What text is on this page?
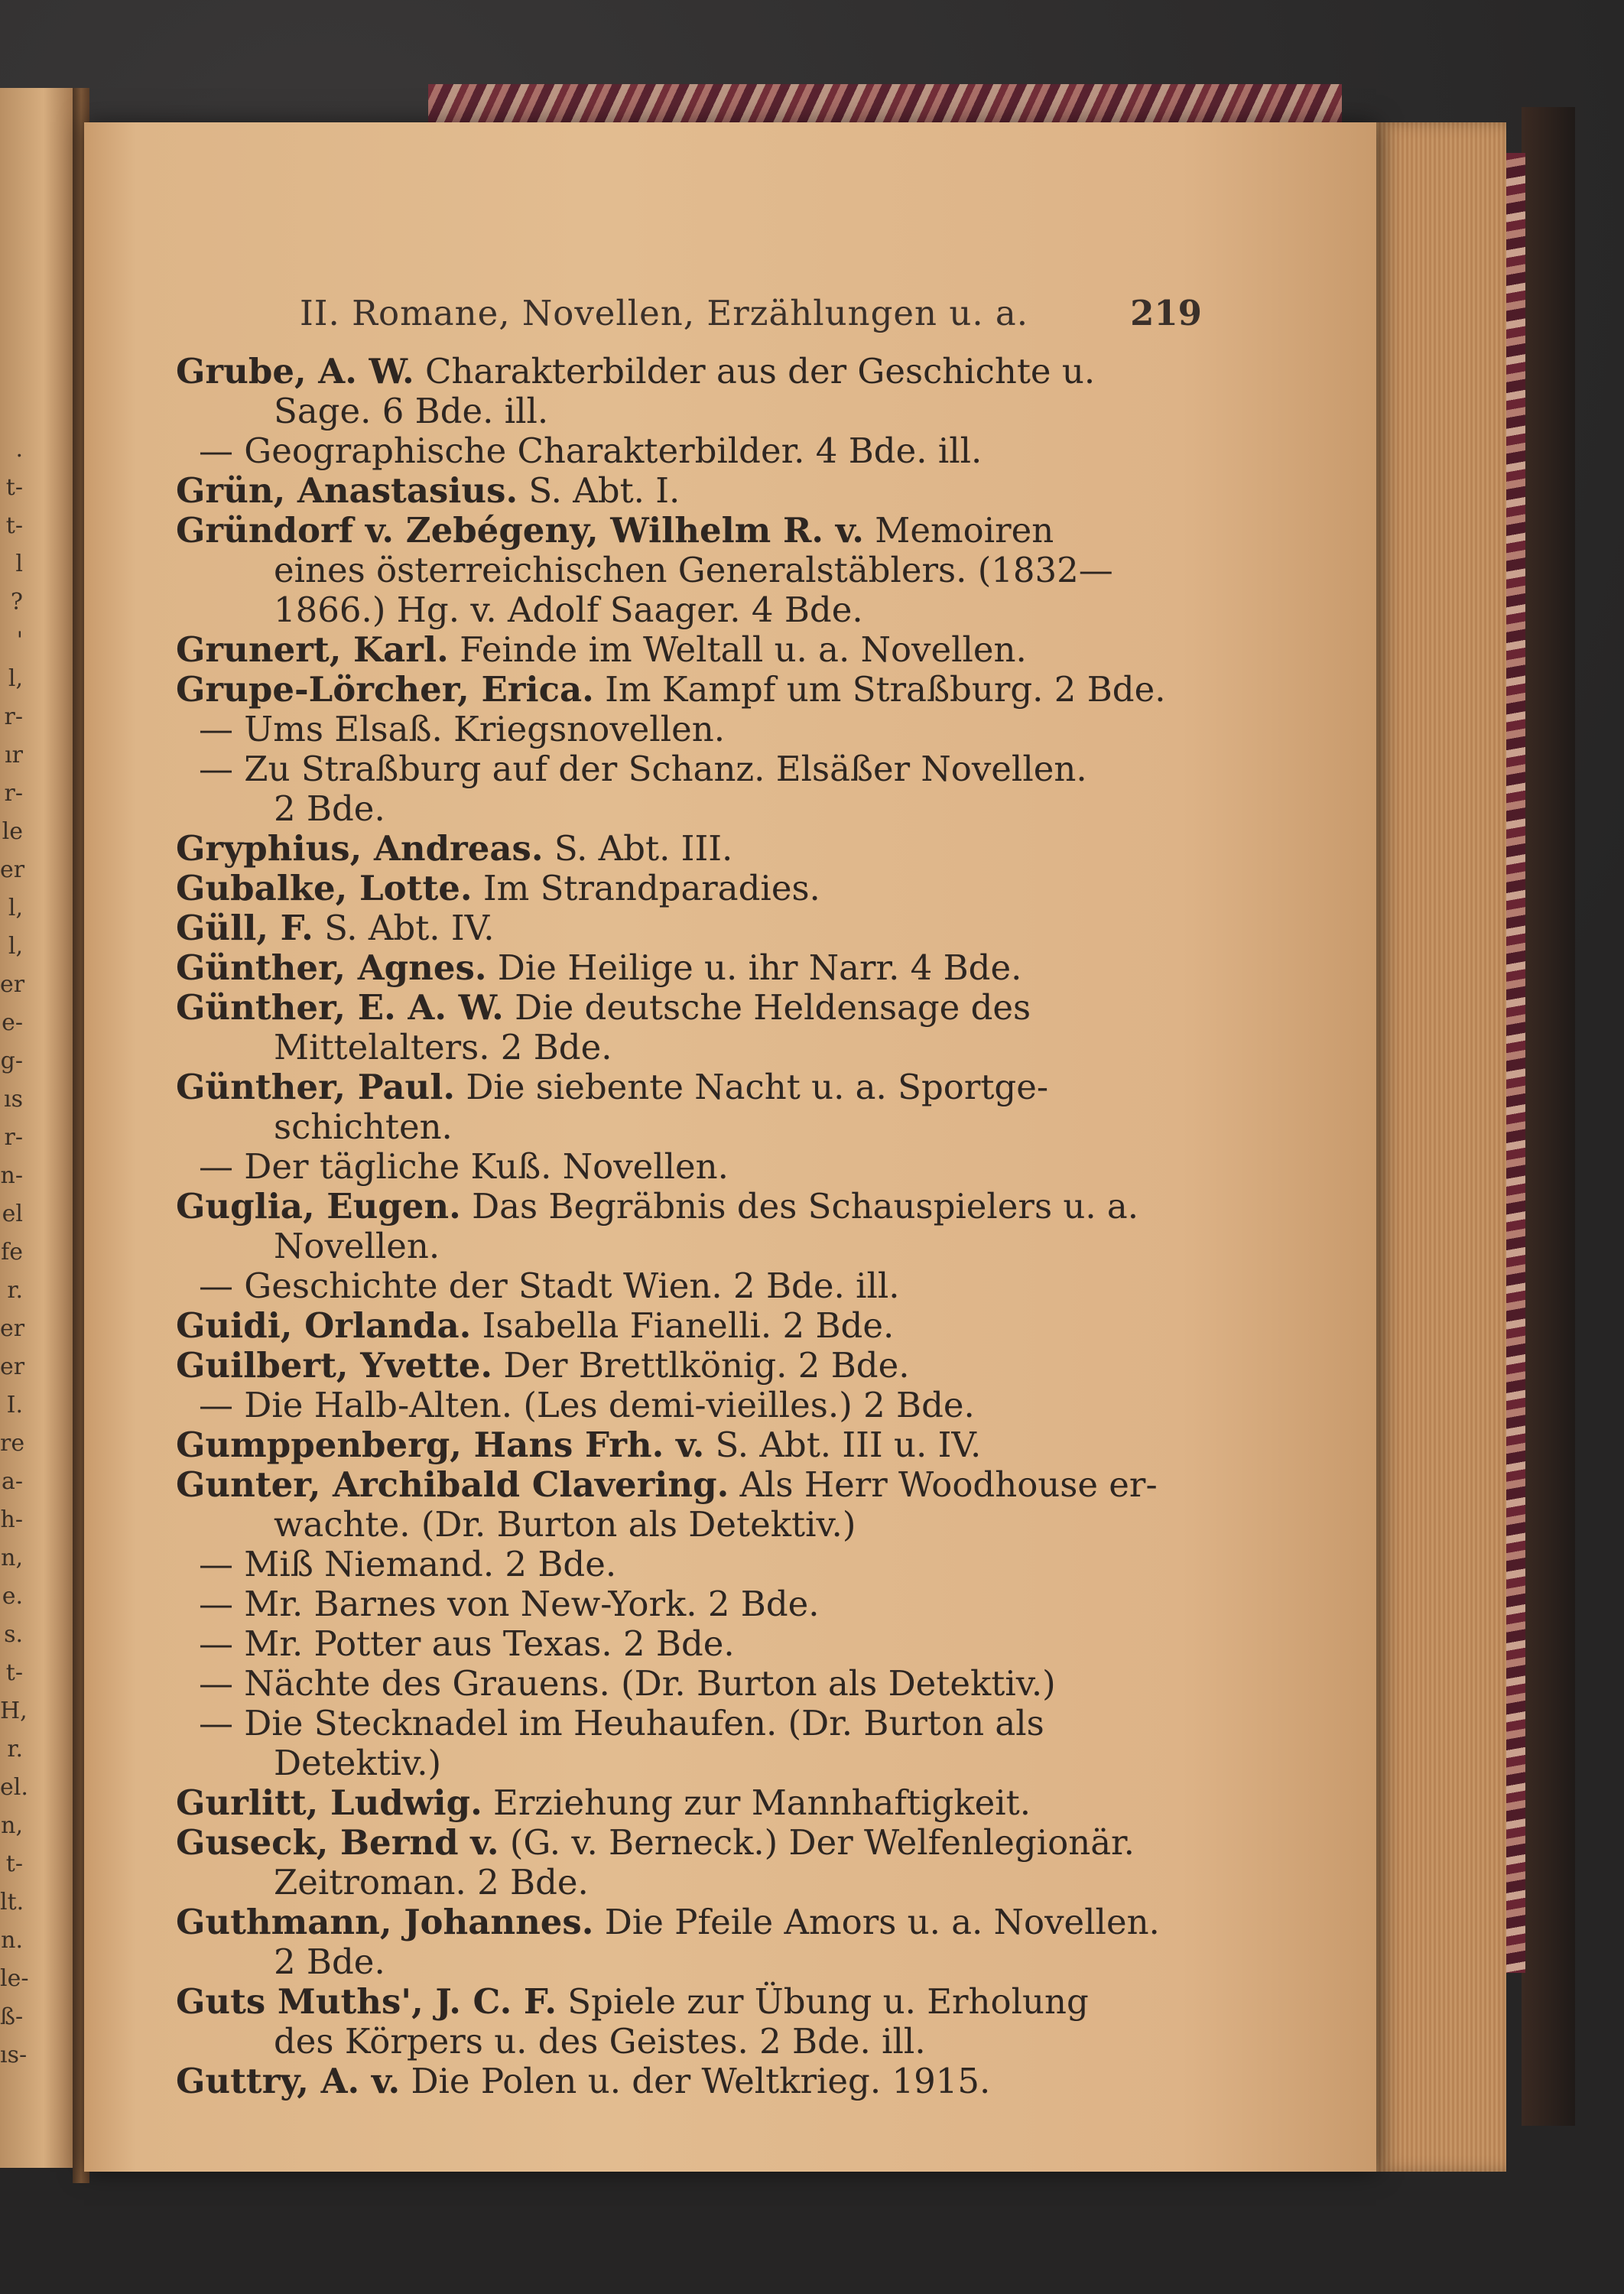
.
t-
t-
l
?
'
l,
r-
ır
r-
le
er
l,
l,
er
e-
g-
ıs
r-
n-
el
fe
r.
er
er
I.
re
a-
h-
n,
e.
s.
t-
H,
r.
el.
n,
t-
lt.
n.
le-
ß-
ıs-
II. Romane, Novellen, Erzählungen u. a.	219
Grube, A. W. Charakterbilder aus der Geschichte u.
Sage. 6 Bde. ill.
— Geographische Charakterbilder. 4 Bde. ill.
Grün, Anastasius. S. Abt. I.
Gründorf v. Zebégeny, Wilhelm R. v. Memoiren
eines österreichischen Generalstäblers. (1832—
1866.) Hg. v. Adolf Saager. 4 Bde.
Grunert, Karl. Feinde im Weltall u. a. Novellen.
Grupe-Lörcher, Erica. Im Kampf um Straßburg. 2 Bde.
— Ums Elsaß. Kriegsnovellen.
— Zu Straßburg auf der Schanz. Elsäßer Novellen.
2 Bde.
Gryphius, Andreas. S. Abt. III.
Gubalke, Lotte. Im Strandparadies.
Güll, F. S. Abt. IV.
Günther, Agnes. Die Heilige u. ihr Narr. 4 Bde.
Günther, E. A. W. Die deutsche Heldensage des
Mittelalters. 2 Bde.
Günther, Paul. Die siebente Nacht u. a. Sportge-
schichten.
— Der tägliche Kuß. Novellen.
Guglia, Eugen. Das Begräbnis des Schauspielers u. a.
Novellen.
— Geschichte der Stadt Wien. 2 Bde. ill.
Guidi, Orlanda. Isabella Fianelli. 2 Bde.
Guilbert, Yvette. Der Brettlkönig. 2 Bde.
— Die Halb-Alten. (Les demi-vieilles.) 2 Bde.
Gumppenberg, Hans Frh. v. S. Abt. III u. IV.
Gunter, Archibald Clavering. Als Herr Woodhouse er-
wachte. (Dr. Burton als Detektiv.)
— Miß Niemand. 2 Bde.
— Mr. Barnes von New-York. 2 Bde.
— Mr. Potter aus Texas. 2 Bde.
— Nächte des Grauens. (Dr. Burton als Detektiv.)
— Die Stecknadel im Heuhaufen. (Dr. Burton als
Detektiv.)
Gurlitt, Ludwig. Erziehung zur Mannhaftigkeit.
Guseck, Bernd v. (G. v. Berneck.) Der Welfenlegionär.
Zeitroman. 2 Bde.
Guthmann, Johannes. Die Pfeile Amors u. a. Novellen.
2 Bde.
Guts Muths', J. C. F. Spiele zur Übung u. Erholung
des Körpers u. des Geistes. 2 Bde. ill.
Guttry, A. v. Die Polen u. der Weltkrieg. 1915.
